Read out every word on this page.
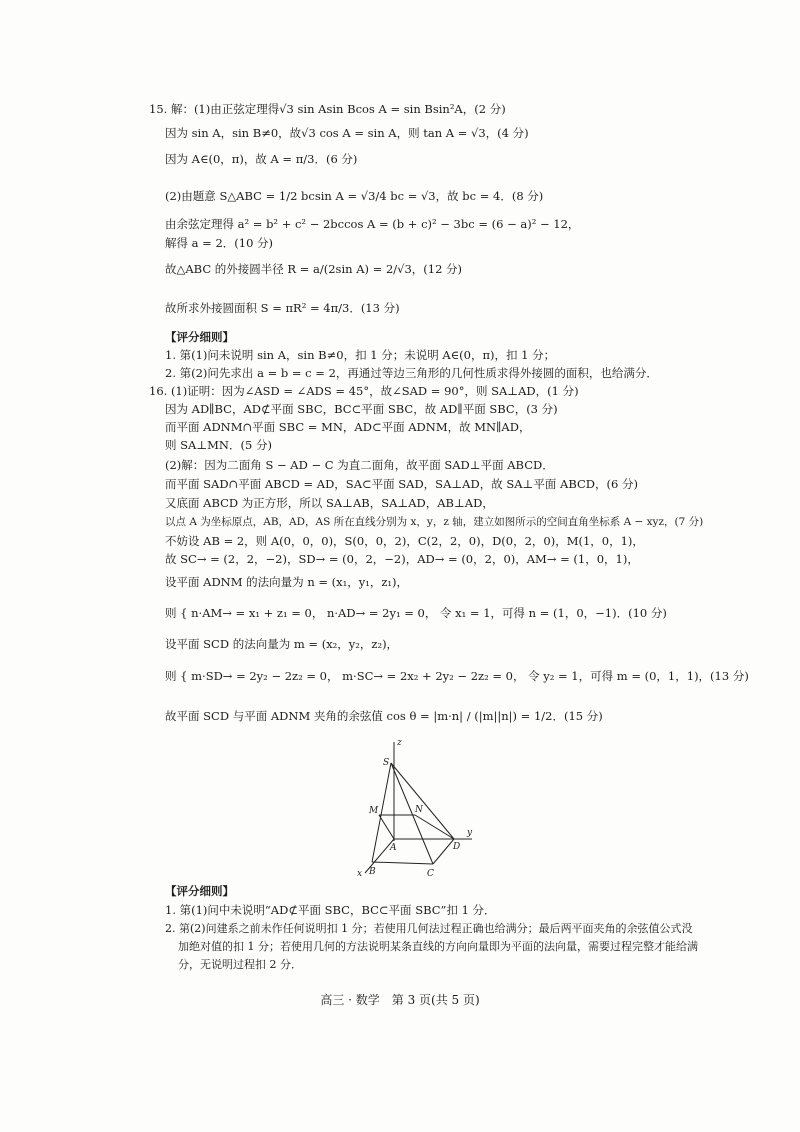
15. 解：(1)由正弦定理得√3 sin Asin Bcos A = sin Bsin²A，(2 分)
因为 sin A，sin B≠0，故√3 cos A = sin A，则 tan A = √3，(4 分)
因为 A∈(0，π)，故 A = π/3．(6 分)
(2)由题意 S△ABC = 1/2 bcsin A = √3/4 bc = √3，故 bc = 4．(8 分)
由余弦定理得 a² = b² + c² − 2bccos A = (b + c)² − 3bc = (6 − a)² − 12，
解得 a = 2．(10 分)
故△ABC 的外接圆半径 R = a/(2sin A) = 2/√3，(12 分)
故所求外接圆面积 S = πR² = 4π/3．(13 分)
【评分细则】
1. 第(1)问未说明 sin A，sin B≠0，扣 1 分；未说明 A∈(0，π)，扣 1 分；
2. 第(2)问先求出 a = b = c = 2，再通过等边三角形的几何性质求得外接圆的面积，也给满分．
16. (1)证明：因为∠ASD = ∠ADS = 45°，故∠SAD = 90°，则 SA⊥AD，(1 分)
因为 AD∥BC，AD⊄平面 SBC，BC⊂平面 SBC，故 AD∥平面 SBC，(3 分)
而平面 ADNM∩平面 SBC = MN，AD⊂平面 ADNM，故 MN∥AD，
则 SA⊥MN．(5 分)
(2)解：因为二面角 S − AD − C 为直二面角，故平面 SAD⊥平面 ABCD．
而平面 SAD∩平面 ABCD = AD，SA⊂平面 SAD，SA⊥AD，故 SA⊥平面 ABCD，(6 分)
又底面 ABCD 为正方形，所以 SA⊥AB，SA⊥AD，AB⊥AD，
以点 A 为坐标原点，AB，AD，AS 所在直线分别为 x，y，z 轴，建立如图所示的空间直角坐标系 A − xyz，(7 分)
不妨设 AB = 2，则 A(0，0，0)，S(0，0，2)，C(2，2，0)，D(0，2，0)，M(1，0，1)，
故 SC→ = (2，2，−2)，SD→ = (0，2，−2)，AD→ = (0，2，0)，AM→ = (1，0，1)，
设平面 ADNM 的法向量为 n = (x₁，y₁，z₁)，
则 { n·AM→ = x₁ + z₁ = 0， n·AD→ = 2y₁ = 0， 令 x₁ = 1，可得 n = (1，0，−1)．(10 分)
设平面 SCD 的法向量为 m = (x₂，y₂，z₂)，
则 { m·SD→ = 2y₂ − 2z₂ = 0， m·SC→ = 2x₂ + 2y₂ − 2z₂ = 0， 令 y₂ = 1，可得 m = (0，1，1)，(13 分)
故平面 SCD 与平面 ADNM 夹角的余弦值 cos θ = |m·n| / (|m||n|) = 1/2．(15 分)
z
S
M	N
A	D
y
x B	C
【评分细则】
1. 第(1)问中未说明“AD⊄平面 SBC，BC⊂平面 SBC”扣 1 分．
2. 第(2)问建系之前未作任何说明扣 1 分；若使用几何法过程正确也给满分；最后两平面夹角的余弦值公式没
加绝对值的扣 1 分；若使用几何的方法说明某条直线的方向向量即为平面的法向量，需要过程完整才能给满
分，无说明过程扣 2 分．
高三 · 数学　第 3 页(共 5 页)
